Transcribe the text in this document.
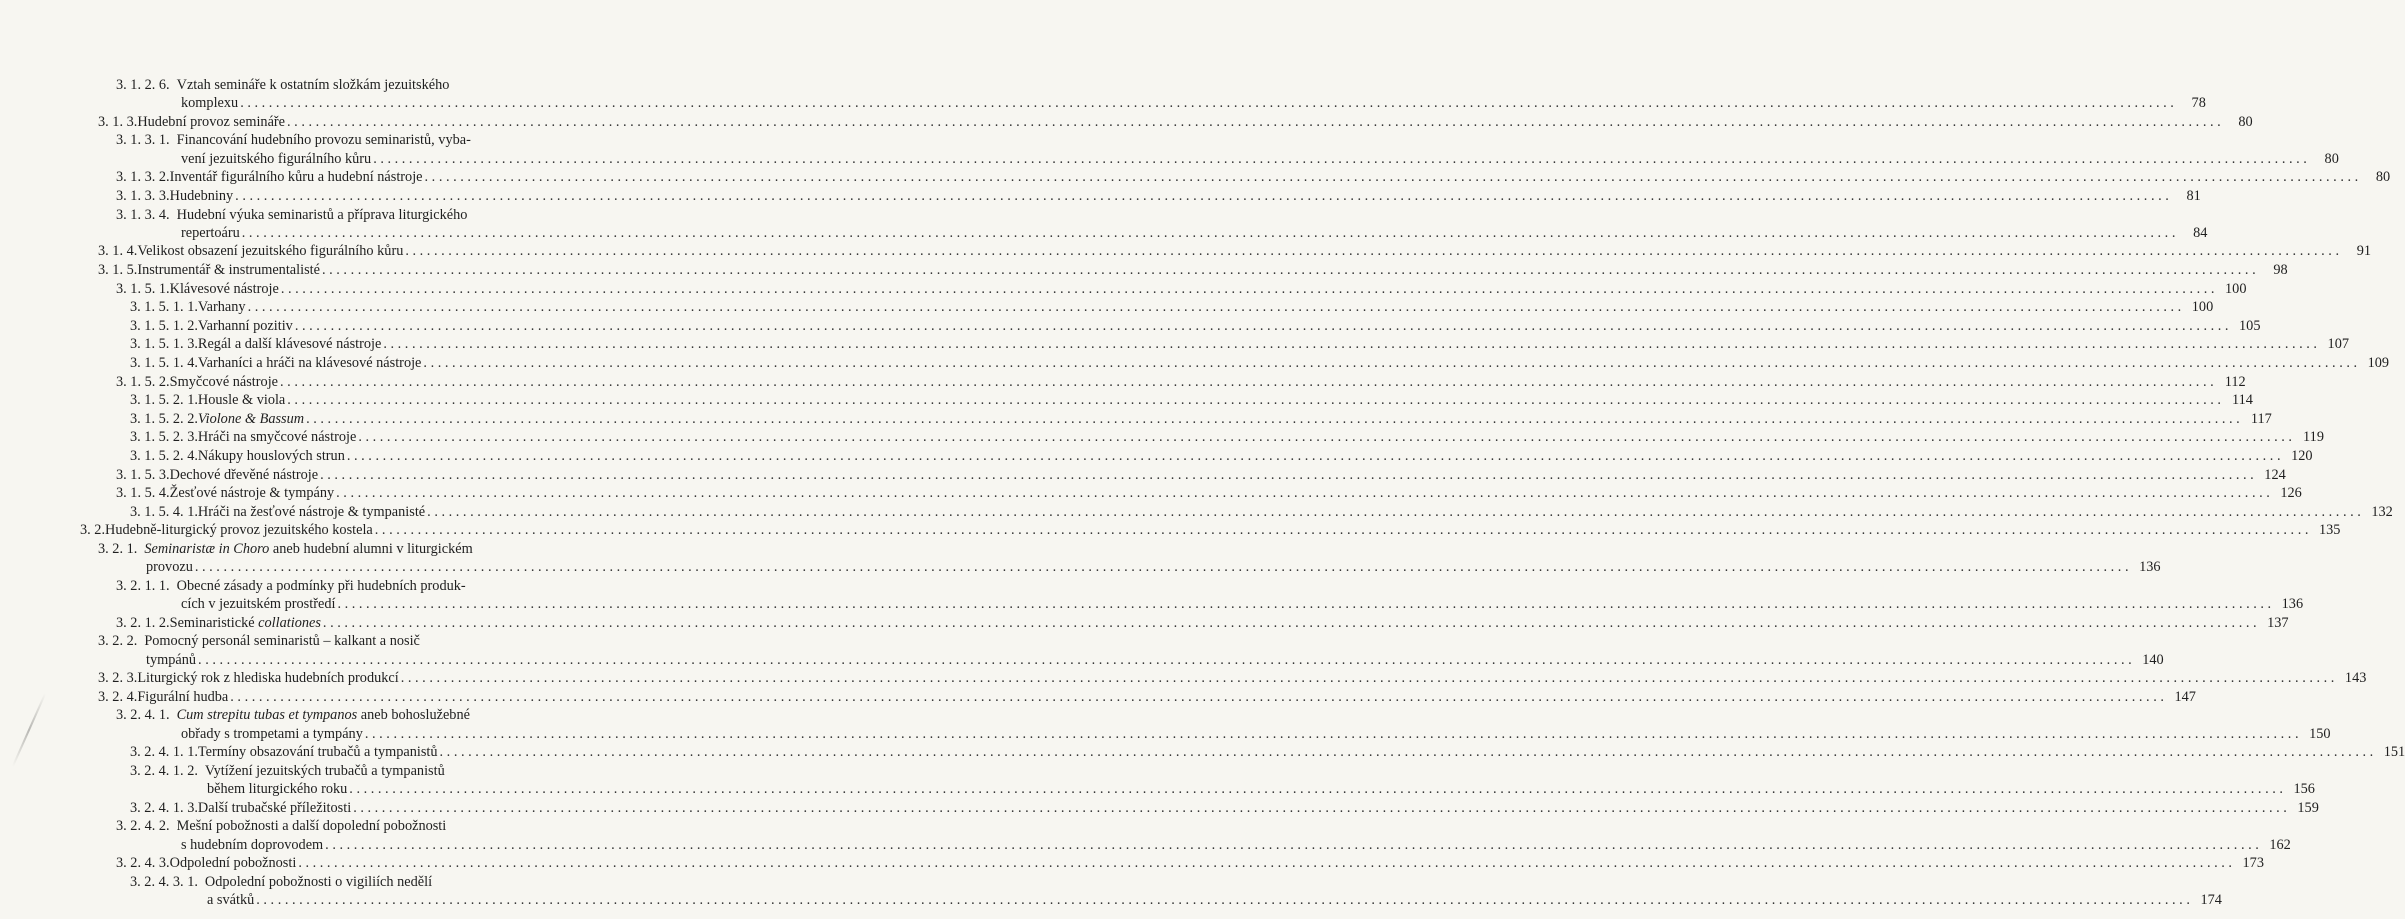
3. 1. 2. 6. Vztah semináře k ostatním složkám jezuitského
komplexu . . .	78
3. 1. 3. Hudební provoz semináře . . .	80
3. 1. 3. 1. Financování hudebního provozu seminaristů, vyba-
vení jezuitského figurálního kůru . . .	80
3. 1. 3. 2. Inventář figurálního kůru a hudební nástroje . . .	80
3. 1. 3. 3. Hudebniny . . .	81
3. 1. 3. 4. Hudební výuka seminaristů a příprava liturgického
repertoáru . . .	84
3. 1. 4. Velikost obsazení jezuitského figurálního kůru . . .	91
3. 1. 5. Instrumentář & instrumentalisté . . .	98
3. 1. 5. 1. Klávesové nástroje . . .	100
3. 1. 5. 1. 1. Varhany . . .	100
3. 1. 5. 1. 2. Varhanní pozitiv . . .	105
3. 1. 5. 1. 3. Regál a další klávesové nástroje . . .	107
3. 1. 5. 1. 4. Varhaníci a hráči na klávesové nástroje . . .	109
3. 1. 5. 2. Smyčcové nástroje . . .	112
3. 1. 5. 2. 1. Housle & viola . . .	114
3. 1. 5. 2. 2. Violone & Bassum . . .	117
3. 1. 5. 2. 3. Hráči na smyčcové nástroje . . .	119
3. 1. 5. 2. 4. Nákupy houslových strun . . .	120
3. 1. 5. 3. Dechové dřevěné nástroje . . .	124
3. 1. 5. 4. Žesťové nástroje & tympány . . .	126
3. 1. 5. 4. 1. Hráči na žesťové nástroje & tympanisté . . .	132
3. 2. Hudebně-liturgický provoz jezuitského kostela . . .	135
3. 2. 1. Seminaristæ in Choro aneb hudební alumni v liturgickém
provozu . . .	136
3. 2. 1. 1. Obecné zásady a podmínky při hudebních produk-
cích v jezuitském prostředí . . .	136
3. 2. 1. 2. Seminaristické collationes . . .	137
3. 2. 2. Pomocný personál seminaristů – kalkant a nosič
tympánů . . .	140
3. 2. 3. Liturgický rok z hlediska hudebních produkcí . . .	143
3. 2. 4. Figurální hudba . . .	147
3. 2. 4. 1. Cum strepitu tubas et tympanos aneb bohoslužebné
obřady s trompetami a tympány . . .	150
3. 2. 4. 1. 1. Termíny obsazování trubačů a tympanistů . . .	151
3. 2. 4. 1. 2. Vytížení jezuitských trubačů a tympanistů
během liturgického roku . . .	156
3. 2. 4. 1. 3. Další trubačské příležitosti . . .	159
3. 2. 4. 2. Mešní pobožnosti a další dopolední pobožnosti
s hudebním doprovodem . . .	162
3. 2. 4. 3. Odpolední pobožnosti . . .	173
3. 2. 4. 3. 1. Odpolední pobožnosti o vigiliích nedělí
a svátků . . .	174
